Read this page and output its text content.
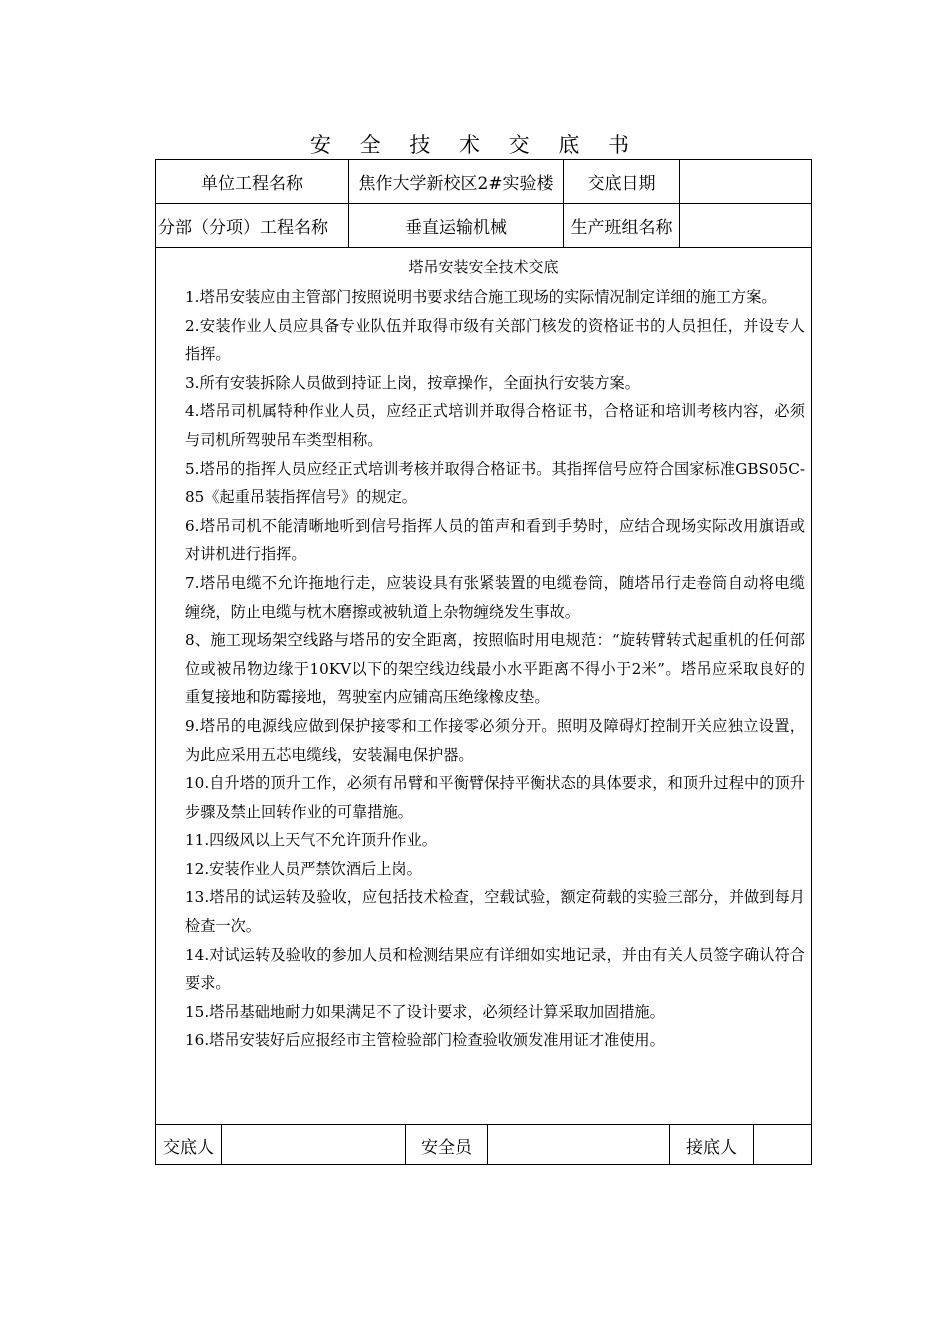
安 全 技 术 交 底 书
单位工程名称	焦作大学新校区2#实验楼	交底日期
分部（分项）工程名称	垂直运输机械	生产班组名称
塔吊安装安全技术交底

1.塔吊安装应由主管部门按照说明书要求结合施工现场的实际情况制定详细的施工方案。

2.安装作业人员应具备专业队伍并取得市级有关部门核发的资格证书的人员担任，并设专人指挥。

3.所有安装拆除人员做到持证上岗，按章操作，全面执行安装方案。

4.塔吊司机属特种作业人员，应经正式培训并取得合格证书，合格证和培训考核内容，必须与司机所驾驶吊车类型相称。

5.塔吊的指挥人员应经正式培训考核并取得合格证书。其指挥信号应符合国家标准GBS05C-85《起重吊装指挥信号》的规定。

6.塔吊司机不能清晰地听到信号指挥人员的笛声和看到手势时，应结合现场实际改用旗语或对讲机进行指挥。

7.塔吊电缆不允许拖地行走，应装设具有张紧装置的电缆卷筒，随塔吊行走卷筒自动将电缆缠绕，防止电缆与枕木磨擦或被轨道上杂物缠绕发生事故。

8、施工现场架空线路与塔吊的安全距离，按照临时用电规范：“旋转臂转式起重机的任何部位或被吊物边缘于10KV以下的架空线边线最小水平距离不得小于2米”。塔吊应采取良好的重复接地和防霉接地，驾驶室内应铺高压绝缘橡皮垫。

9.塔吊的电源线应做到保护接零和工作接零必须分开。照明及障碍灯控制开关应独立设置，为此应采用五芯电缆线，安装漏电保护器。

10.自升塔的顶升工作，必须有吊臂和平衡臂保持平衡状态的具体要求，和顶升过程中的顶升步骤及禁止回转作业的可靠措施。

11.四级风以上天气不允许顶升作业。

12.安装作业人员严禁饮酒后上岗。

13.塔吊的试运转及验收，应包括技术检查，空载试验，额定荷载的实验三部分，并做到每月检查一次。

14.对试运转及验收的参加人员和检测结果应有详细如实地记录，并由有关人员签字确认符合要求。

15.塔吊基础地耐力如果满足不了设计要求，必须经计算采取加固措施。

16.塔吊安装好后应报经市主管检验部门检查验收颁发准用证才准使用。

交底人	安全员	接底人
